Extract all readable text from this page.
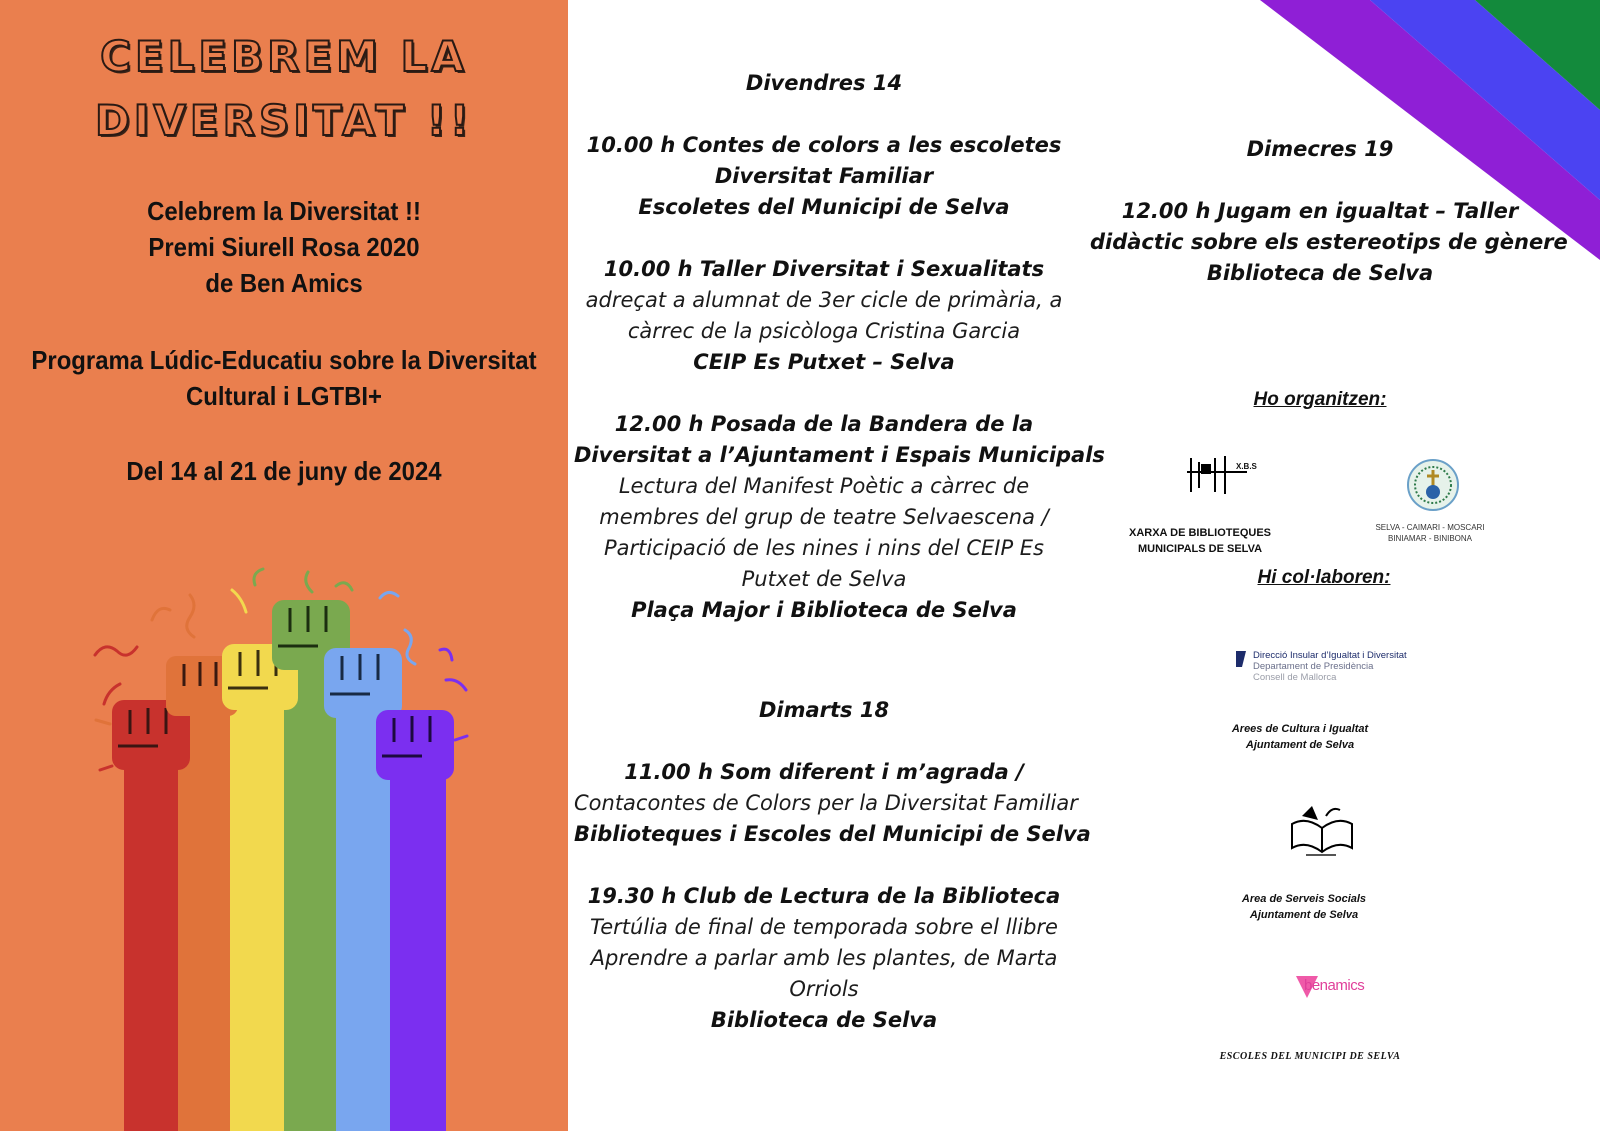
CELEBREM LA
DIVERSITAT !!
Celebrem la Diversitat !!
Premi Siurell Rosa 2020
de Ben Amics
Programa Lúdic-Educatiu sobre la Diversitat
Cultural i LGTBI+
Del 14 al 21 de juny de 2024
Divendres 14
10.00 h Contes de colors a les escoletes
Diversitat Familiar
Escoletes del Municipi de Selva
10.00 h Taller Diversitat i Sexualitats
adreçat a alumnat de 3er cicle de primària, a
càrrec de la psicòloga Cristina Garcia
CEIP Es Putxet – Selva
12.00 h Posada de la Bandera de la
Diversitat a l’Ajuntament i Espais Municipals
Lectura del Manifest Poètic a càrrec de
membres del grup de teatre Selvaescena /
Participació de les nines i nins del CEIP Es
Putxet de Selva
Plaça Major i Biblioteca de Selva
Dimarts 18
11.00 h Som diferent i m’agrada /
Contacontes de Colors per la Diversitat Familiar
Biblioteques i Escoles del Municipi de Selva
19.30 h Club de Lectura de la Biblioteca
Tertúlia de final de temporada sobre el llibre
Aprendre a parlar amb les plantes, de Marta
Orriols
Biblioteca de Selva
Dimecres 19
12.00 h Jugam en igualtat – Taller
didàctic sobre els estereotips de gènere
Biblioteca de Selva
Ho organitzen:
X.B.S
XARXA DE BIBLIOTEQUES
MUNICIPALS DE SELVA
SELVA - CAIMARI - MOSCARI
BINIAMAR - BINIBONA
Hi col·laboren:
Direcció Insular d’Igualtat i Diversitat
Departament de Presidència
Consell de Mallorca
Arees de Cultura i Igualtat
Ajuntament de Selva
Area de Serveis Socials
Ajuntament de Selva
benamics
ESCOLES DEL MUNICIPI DE SELVA
